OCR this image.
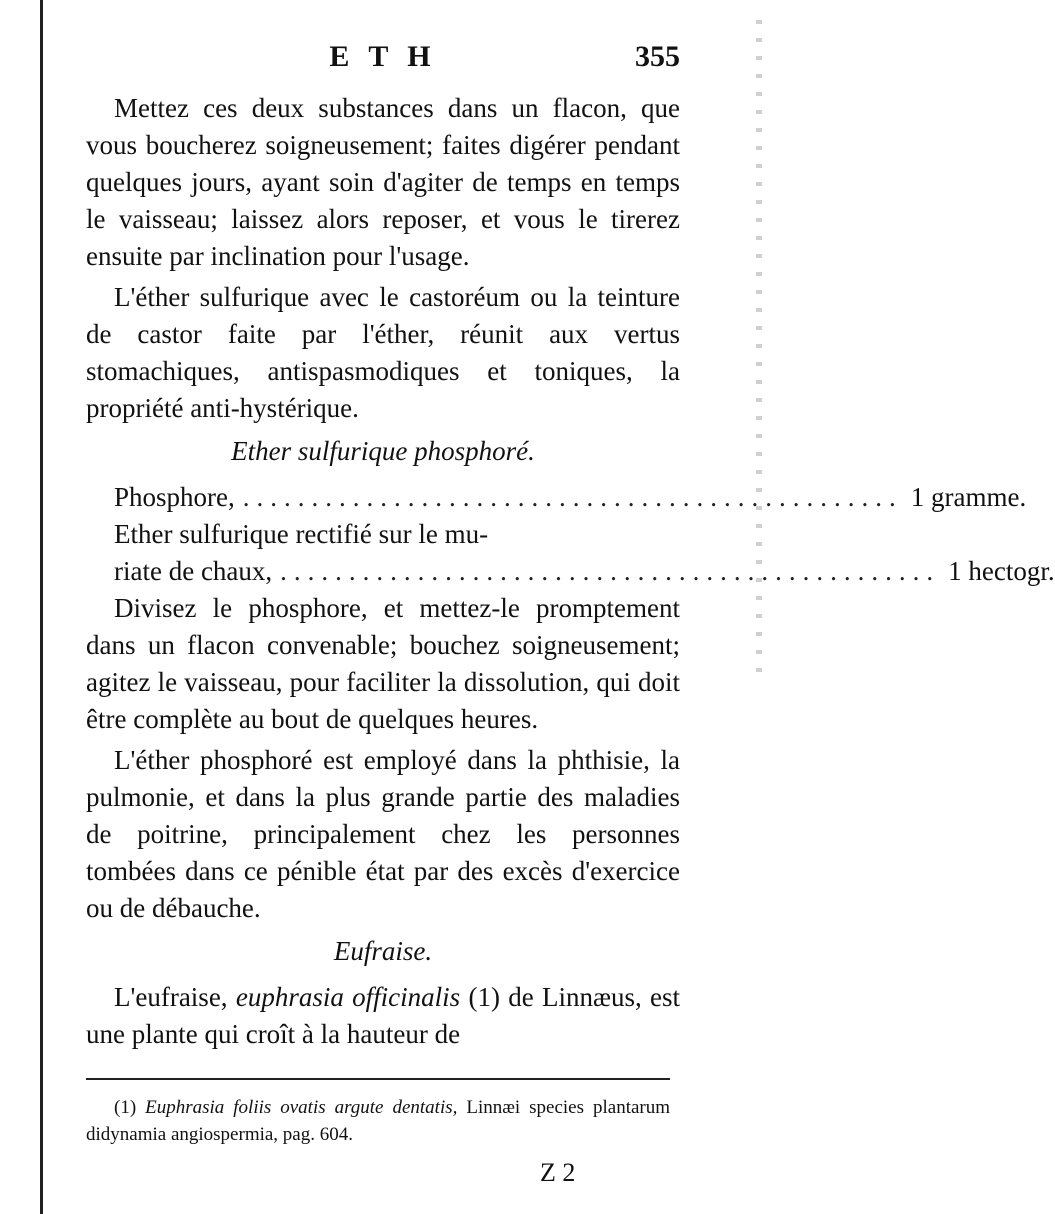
E T H	355

Mettez ces deux substances dans un flacon, que vous boucherez soigneusement; faites digérer pendant quelques jours, ayant soin d'agiter de temps en temps le vaisseau; laissez alors reposer, et vous le tirerez ensuite par inclination pour l'usage.

L'éther sulfurique avec le castoréum ou la teinture de castor faite par l'éther, réunit aux vertus stomachiques, antispasmodiques et toniques, la propriété anti-hystérique.

Ether sulfurique phosphoré.

Phosphore, ................................................ 1 gramme.
Ether sulfurique rectifié sur le mu-
riate de chaux, ................................................ 1 hectogr.

Divisez le phosphore, et mettez-le promptement dans un flacon convenable; bouchez soigneusement; agitez le vaisseau, pour faciliter la dissolution, qui doit être complète au bout de quelques heures.

L'éther phosphoré est employé dans la phthisie, la pulmonie, et dans la plus grande partie des maladies de poitrine, principalement chez les personnes tombées dans ce pénible état par des excès d'exercice ou de débauche.

Eufraise.

L'eufraise, euphrasia officinalis (1) de Linnæus, est une plante qui croît à la hauteur de

(1) Euphrasia foliis ovatis argute dentatis, Linnæi species plantarum didynamia angiospermia, pag. 604.

Z 2
